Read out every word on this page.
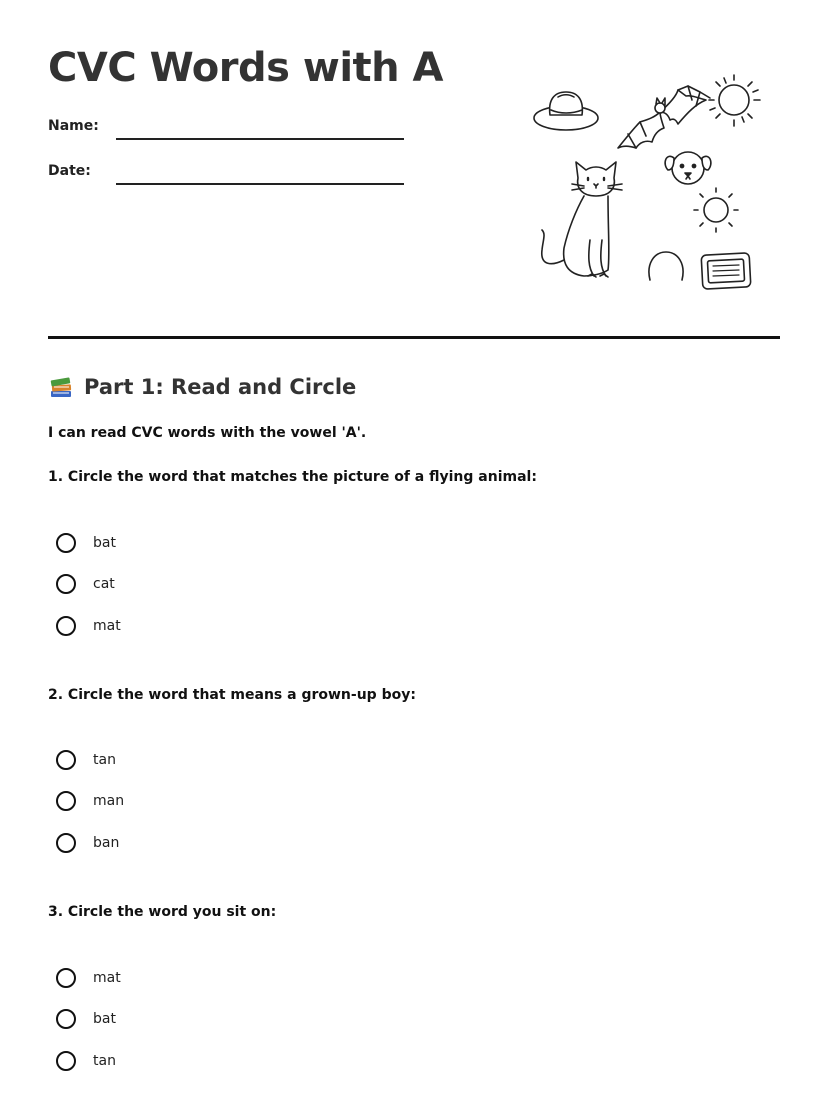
CVC Words with A
Name:
Date:
Part 1: Read and Circle
I can read CVC words with the vowel 'A'.
1. Circle the word that matches the picture of a flying animal:
bat
cat
mat
2. Circle the word that means a grown-up boy:
tan
man
ban
3. Circle the word you sit on:
mat
bat
tan
